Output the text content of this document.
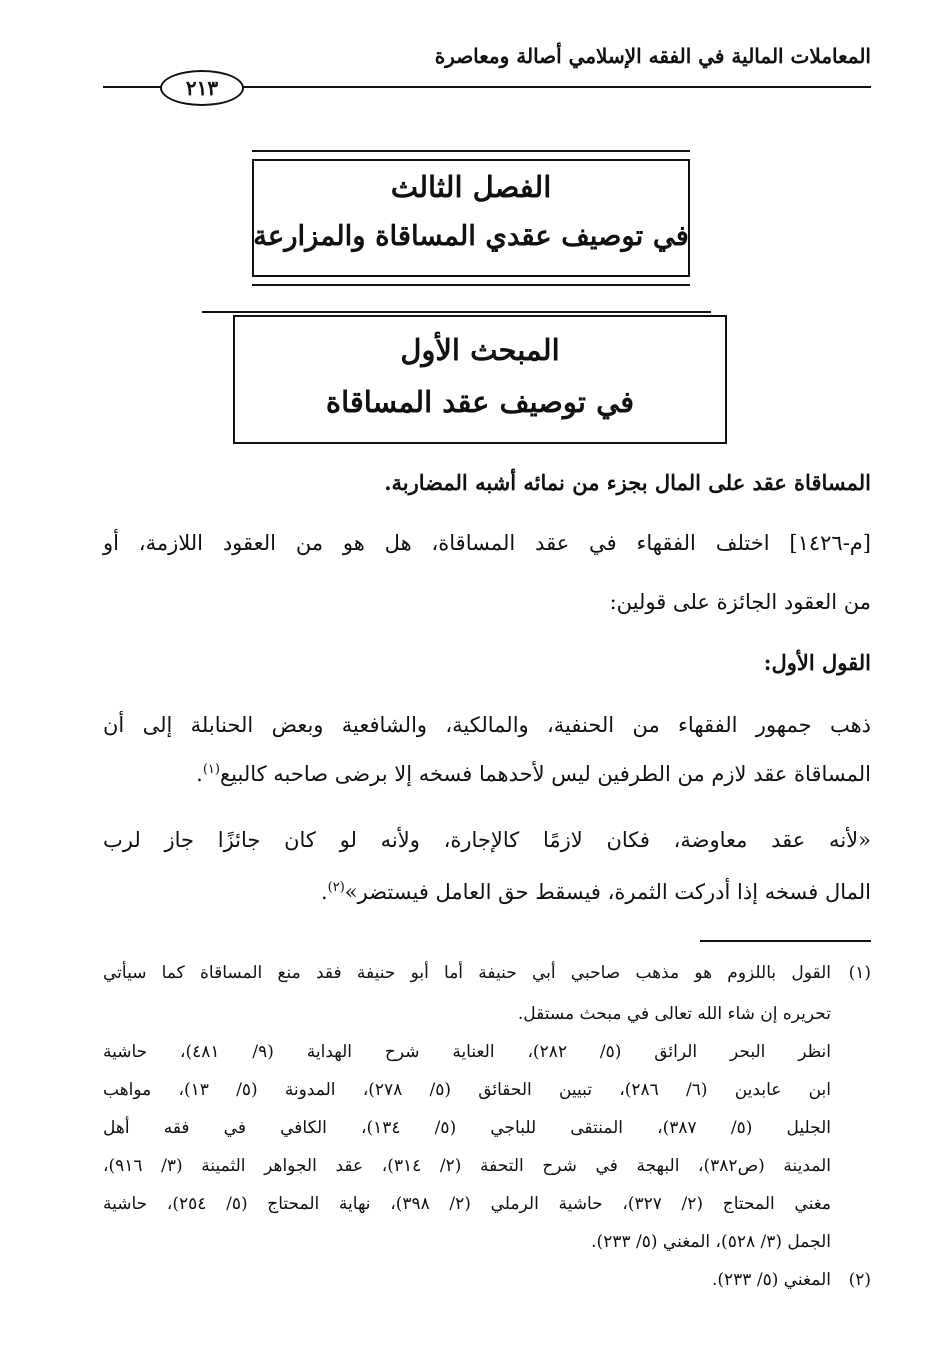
المعاملات المالية في الفقه الإسلامي أصالة ومعاصرة
٢١٣
الفصل الثالث
في توصيف عقدي المساقاة والمزارعة
المبحث الأول
في توصيف عقد المساقاة
المساقاة عقد على المال بجزء من نمائه أشبه المضاربة.
[م-١٤٢٦] اختلف الفقهاء في عقد المساقاة، هل هو من العقود اللازمة، أو
من العقود الجائزة على قولين:
القول الأول:
ذهب جمهور الفقهاء من الحنفية، والمالكية، والشافعية وبعض الحنابلة إلى أن
المساقاة عقد لازم من الطرفين ليس لأحدهما فسخه إلا برضى صاحبه كالبيع$^{(١)}$.
«لأنه عقد معاوضة، فكان لازمًا كالإجارة، ولأنه لو كان جائزًا جاز لرب
المال فسخه إذا أدركت الثمرة، فيسقط حق العامل فيستضر»$^{(٢)}$.
(١)
القول باللزوم هو مذهب صاحبي أبي حنيفة أما أبو حنيفة فقد منع المساقاة كما سيأتي
تحريره إن شاء الله تعالى في مبحث مستقل.
انظر البحر الرائق (٥/ ٢٨٢)، العناية شرح الهداية (٩/ ٤٨١)، حاشية
ابن عابدين (٦/ ٢٨٦)، تبيين الحقائق (٥/ ٢٧٨)، المدونة (٥/ ١٣)، مواهب
الجليل (٥/ ٣٨٧)، المنتقى للباجي (٥/ ١٣٤)، الكافي في فقه أهل
المدينة (ص٣٨٢)، البهجة في شرح التحفة (٢/ ٣١٤)، عقد الجواهر الثمينة (٣/ ٩١٦)،
مغني المحتاج (٢/ ٣٢٧)، حاشية الرملي (٢/ ٣٩٨)، نهاية المحتاج (٥/ ٢٥٤)، حاشية
الجمل (٣/ ٥٢٨)، المغني (٥/ ٢٣٣).
(٢)
المغني (٥/ ٢٣٣).
